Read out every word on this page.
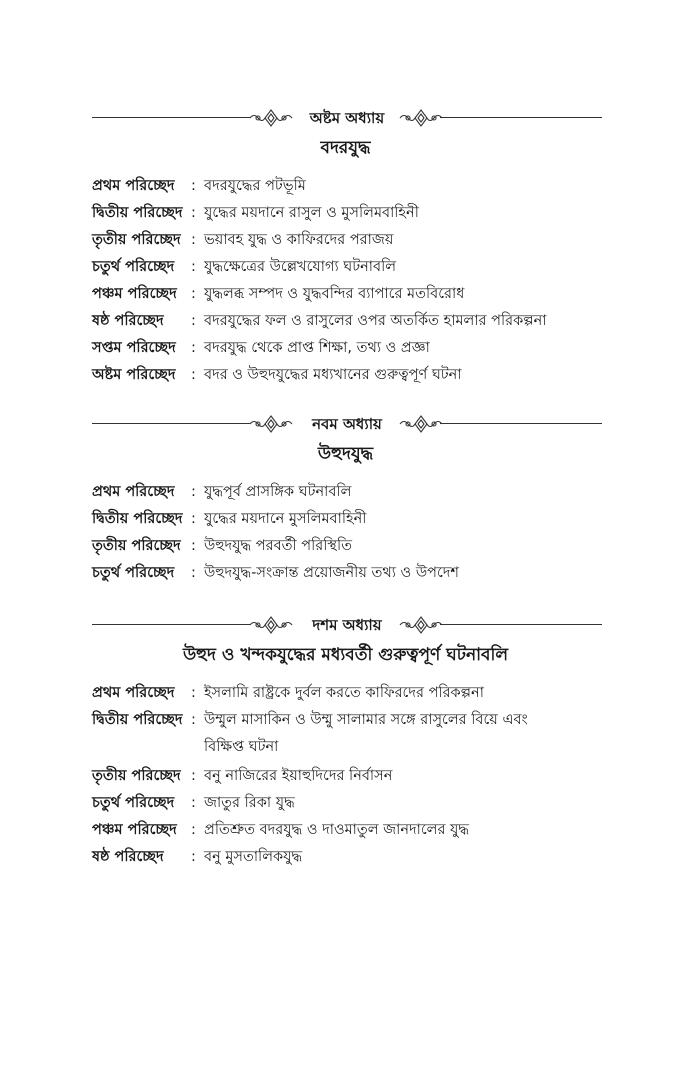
অষ্টম অধ্যায়
বদরযুদ্ধ
প্রথম পরিচ্ছেদ	: বদরযুদ্ধের পটভূমি
দ্বিতীয় পরিচ্ছেদ : যুদ্ধের ময়দানে রাসুল ও মুসলিমবাহিনী
তৃতীয় পরিচ্ছেদ : ভয়াবহ যুদ্ধ ও কাফিরদের পরাজয়
চতুর্থ পরিচ্ছেদ	: যুদ্ধক্ষেত্রের উল্লেখযোগ্য ঘটনাবলি
পঞ্চম পরিচ্ছেদ : যুদ্ধলব্ধ সম্পদ ও যুদ্ধবন্দির ব্যাপারে মতবিরোধ
ষষ্ঠ পরিচ্ছেদ	: বদরযুদ্ধের ফল ও রাসুলের ওপর অতর্কিত হামলার পরিকল্পনা
সপ্তম পরিচ্ছেদ	: বদরযুদ্ধ থেকে প্রাপ্ত শিক্ষা, তথ্য ও প্রজ্ঞা
অষ্টম পরিচ্ছেদ	: বদর ও উহুদযুদ্ধের মধ্যখানের গুরুত্বপূর্ণ ঘটনা
নবম অধ্যায়
উহুদযুদ্ধ
প্রথম পরিচ্ছেদ	: যুদ্ধপূর্ব প্রাসঙ্গিক ঘটনাবলি
দ্বিতীয় পরিচ্ছেদ : যুদ্ধের ময়দানে মুসলিমবাহিনী
তৃতীয় পরিচ্ছেদ : উহুদযুদ্ধ পরবর্তী পরিস্থিতি
চতুর্থ পরিচ্ছেদ	: উহুদযুদ্ধ-সংক্রান্ত প্রয়োজনীয় তথ্য ও উপদেশ
দশম অধ্যায়
উহুদ ও খন্দকযুদ্ধের মধ্যবর্তী গুরুত্বপূর্ণ ঘটনাবলি
প্রথম পরিচ্ছেদ	: ইসলামি রাষ্ট্রকে দুর্বল করতে কাফিরদের পরিকল্পনা
দ্বিতীয় পরিচ্ছেদ : উম্মুল মাসাকিন ও উম্মু সালামার সঙ্গে রাসুলের বিয়ে এবং বিক্ষিপ্ত ঘটনা
তৃতীয় পরিচ্ছেদ : বনু নাজিরের ইয়াহুদিদের নির্বাসন
চতুর্থ পরিচ্ছেদ	: জাতুর রিকা যুদ্ধ
পঞ্চম পরিচ্ছেদ : প্রতিশ্রুত বদরযুদ্ধ ও দাওমাতুল জানদালের যুদ্ধ
ষষ্ঠ পরিচ্ছেদ	: বনু মুসতালিকযুদ্ধ
